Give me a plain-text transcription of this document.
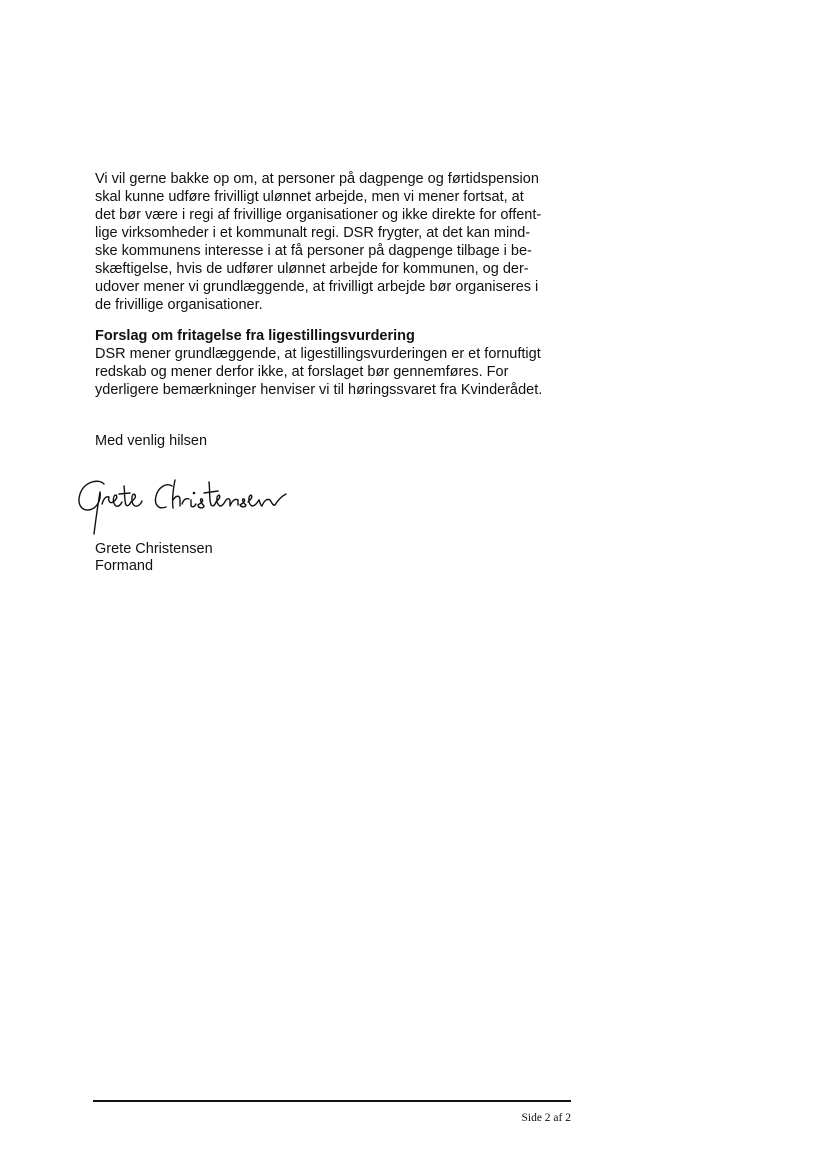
Vi vil gerne bakke op om, at personer på dagpenge og førtidspension
skal kunne udføre frivilligt ulønnet arbejde, men vi mener fortsat, at
det bør være i regi af frivillige organisationer og ikke direkte for offent-
lige virksomheder i et kommunalt regi. DSR frygter, at det kan mind-
ske kommunens interesse i at få personer på dagpenge tilbage i be-
skæftigelse, hvis de udfører ulønnet arbejde for kommunen, og der-
udover mener vi grundlæggende, at frivilligt arbejde bør organiseres i
de frivillige organisationer.
Forslag om fritagelse fra ligestillingsvurdering
DSR mener grundlæggende, at ligestillingsvurderingen er et fornuftigt
redskab og mener derfor ikke, at forslaget bør gennemføres. For
yderligere bemærkninger henviser vi til høringssvaret fra Kvinderådet.
Med venlig hilsen
Grete Christensen
Formand
Side 2 af 2
